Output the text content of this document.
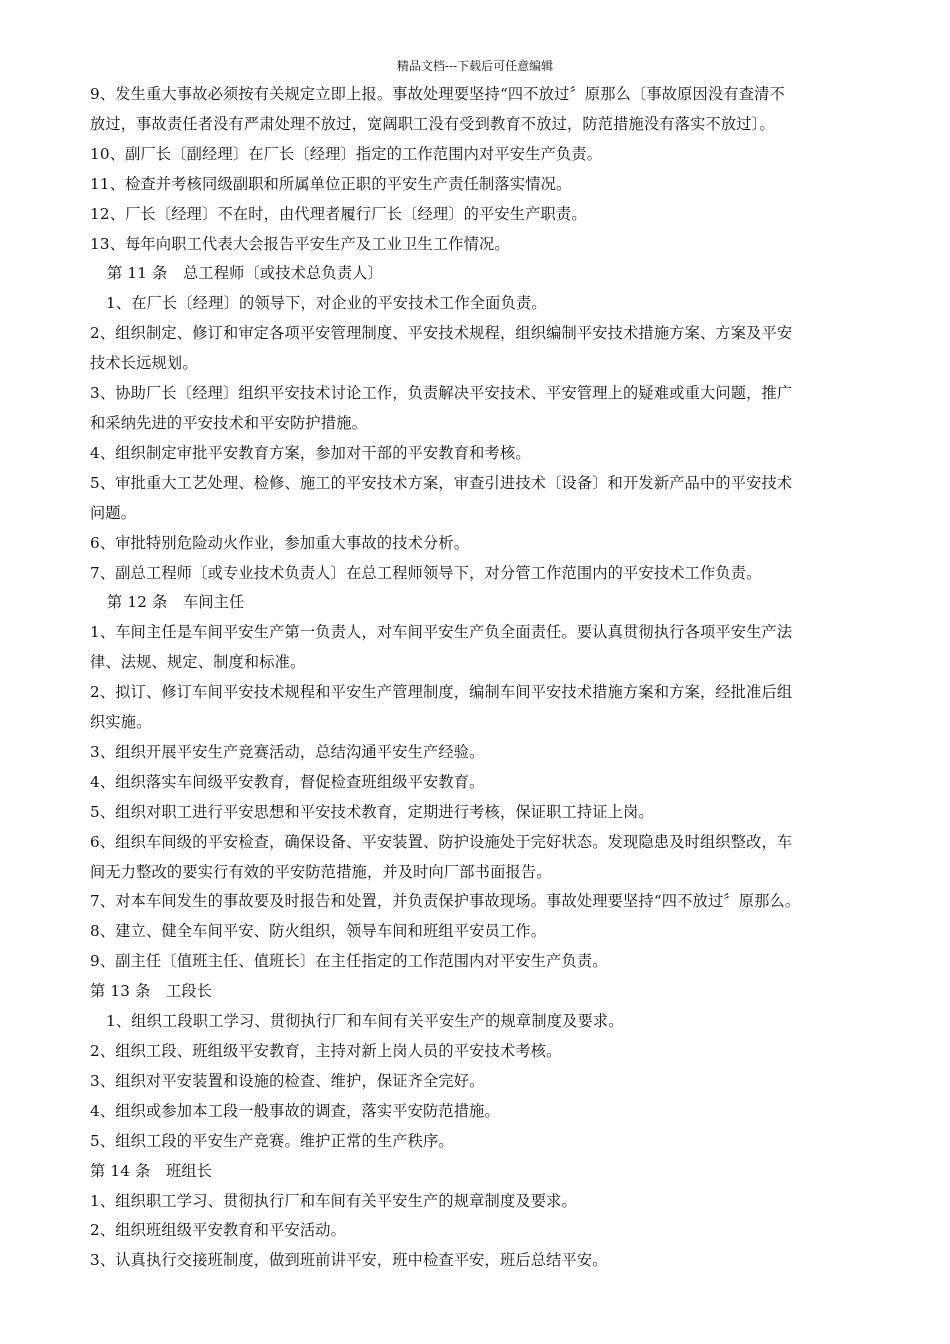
精品文档---下载后可任意编辑
9、发生重大事故必须按有关规定立即上报。事故处理要坚持“四不放过〞原那么〔事故原因没有查清不
放过，事故责任者没有严肃处理不放过，宽阔职工没有受到教育不放过，防范措施没有落实不放过〕。
10、副厂长〔副经理〕在厂长〔经理〕指定的工作范围内对平安生产负责。
11、检查并考核同级副职和所属单位正职的平安生产责任制落实情况。
12、厂长〔经理〕不在时，由代理者履行厂长〔经理〕的平安生产职责。
13、每年向职工代表大会报告平安生产及工业卫生工作情况。
第 11 条　总工程师〔或技术总负责人〕
1、在厂长〔经理〕的领导下，对企业的平安技术工作全面负责。
2、组织制定、修订和审定各项平安管理制度、平安技术规程，组织编制平安技术措施方案、方案及平安
技术长远规划。
3、协助厂长〔经理〕组织平安技术讨论工作，负责解决平安技术、平安管理上的疑难或重大问题，推广
和采纳先进的平安技术和平安防护措施。
4、组织制定审批平安教育方案，参加对干部的平安教育和考核。
5、审批重大工艺处理、检修、施工的平安技术方案，审查引进技术〔设备〕和开发新产品中的平安技术
问题。
6、审批特别危险动火作业，参加重大事故的技术分析。
7、副总工程师〔或专业技术负责人〕在总工程师领导下，对分管工作范围内的平安技术工作负责。
第 12 条　车间主任
1、车间主任是车间平安生产第一负责人，对车间平安生产负全面责任。要认真贯彻执行各项平安生产法
律、法规、规定、制度和标准。
2、拟订、修订车间平安技术规程和平安生产管理制度，编制车间平安技术措施方案和方案，经批准后组
织实施。
3、组织开展平安生产竞赛活动，总结沟通平安生产经验。
4、组织落实车间级平安教育，督促检查班组级平安教育。
5、组织对职工进行平安思想和平安技术教育，定期进行考核，保证职工持证上岗。
6、组织车间级的平安检查，确保设备、平安装置、防护设施处于完好状态。发现隐患及时组织整改，车
间无力整改的要实行有效的平安防范措施，并及时向厂部书面报告。
7、对本车间发生的事故要及时报告和处置，并负责保护事故现场。事故处理要坚持“四不放过〞原那么。
8、建立、健全车间平安、防火组织，领导车间和班组平安员工作。
9、副主任〔值班主任、值班长〕在主任指定的工作范围内对平安生产负责。
第 13 条　工段长
1、组织工段职工学习、贯彻执行厂和车间有关平安生产的规章制度及要求。
2、组织工段、班组级平安教育，主持对新上岗人员的平安技术考核。
3、组织对平安装置和设施的检查、维护，保证齐全完好。
4、组织或参加本工段一般事故的调查，落实平安防范措施。
5、组织工段的平安生产竞赛。维护正常的生产秩序。
第 14 条　班组长
1、组织职工学习、贯彻执行厂和车间有关平安生产的规章制度及要求。
2、组织班组级平安教育和平安活动。
3、认真执行交接班制度，做到班前讲平安，班中检查平安，班后总结平安。
